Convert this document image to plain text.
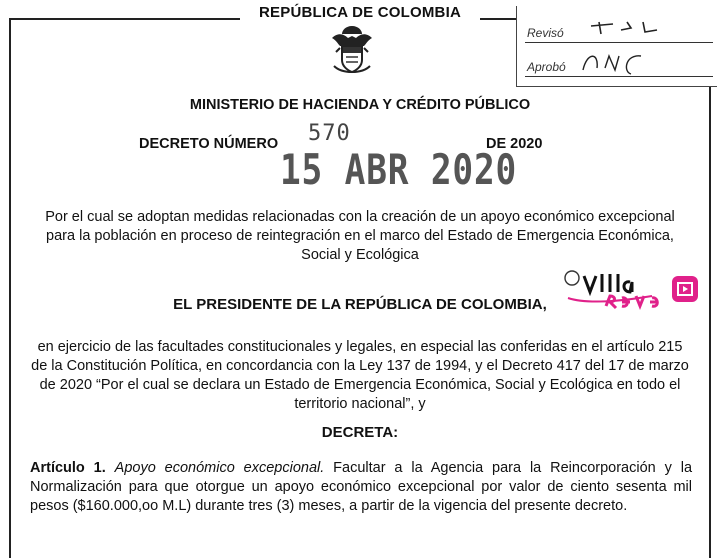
REPÚBLICA DE COLOMBIA
Revisó
Aprobó
MINISTERIO DE HACIENDA Y CRÉDITO PÚBLICO
DECRETO NÚMERO 570	DE 2020
15 ABR 2020
Por el cual se adoptan medidas relacionadas con la creación de un apoyo económico excepcional para la población en proceso de reintegración en el marco del Estado de Emergencia Económica, Social y Ecológica
EL PRESIDENTE DE LA REPÚBLICA DE COLOMBIA,
en ejercicio de las facultades constitucionales y legales, en especial las conferidas en el artículo 215 de la Constitución Política, en concordancia con la Ley 137 de 1994, y el Decreto 417 del 17 de marzo de 2020 “Por el cual se declara un Estado de Emergencia Económica, Social y Ecológica en todo el territorio nacional”, y
DECRETA:
Artículo 1. Apoyo económico excepcional. Facultar a la Agencia para la Reincorporación y la Normalización para que otorgue un apoyo económico excepcional por valor de ciento sesenta mil pesos ($160.000,oo M.L) durante tres (3) meses, a partir de la vigencia del presente decreto.
